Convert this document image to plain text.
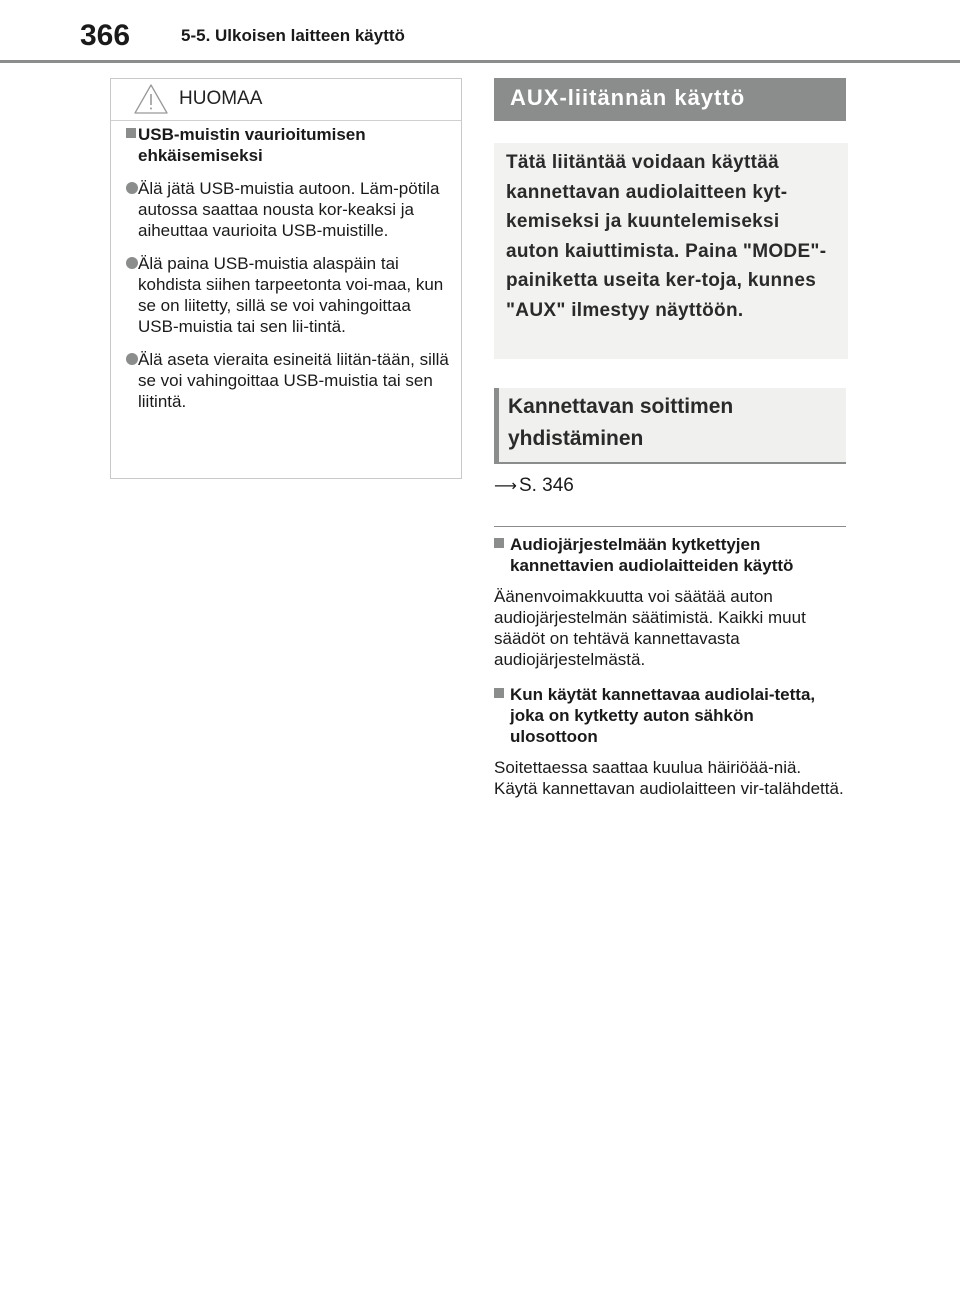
366	5-5. Ulkoisen laitteen käyttö
HUOMAA
USB-muistin vaurioitumisen ehkäisemiseksi
Älä jätä USB-muistia autoon. Läm-pötila autossa saattaa nousta kor-keaksi ja aiheuttaa vaurioita USB-muistille.
Älä paina USB-muistia alaspäin tai kohdista siihen tarpeetonta voi-maa, kun se on liitetty, sillä se voi vahingoittaa USB-muistia tai sen lii-tintä.
Älä aseta vieraita esineitä liitän-tään, sillä se voi vahingoittaa USB-muistia tai sen liitintä.
AUX-liitännän käyttö
Tätä liitäntää voidaan käyttää kannettavan audiolaitteen kyt-kemiseksi ja kuuntelemiseksi auton kaiuttimista. Paina "MODE"-painiketta useita ker-toja, kunnes "AUX" ilmestyy näyttöön.
Kannettavan soittimen yhdistäminen
⟶ S. 346
Audiojärjestelmään kytkettyjen kannettavien audiolaitteiden käyttö
Äänenvoimakkuutta voi säätää auton audiojärjestelmän säätimistä. Kaikki muut säädöt on tehtävä kannettavasta audiojärjestelmästä.
Kun käytät kannettavaa audiolai-tetta, joka on kytketty auton sähkön ulosottoon
Soitettaessa saattaa kuulua häiriöää-niä. Käytä kannettavan audiolaitteen vir-talähdettä.
